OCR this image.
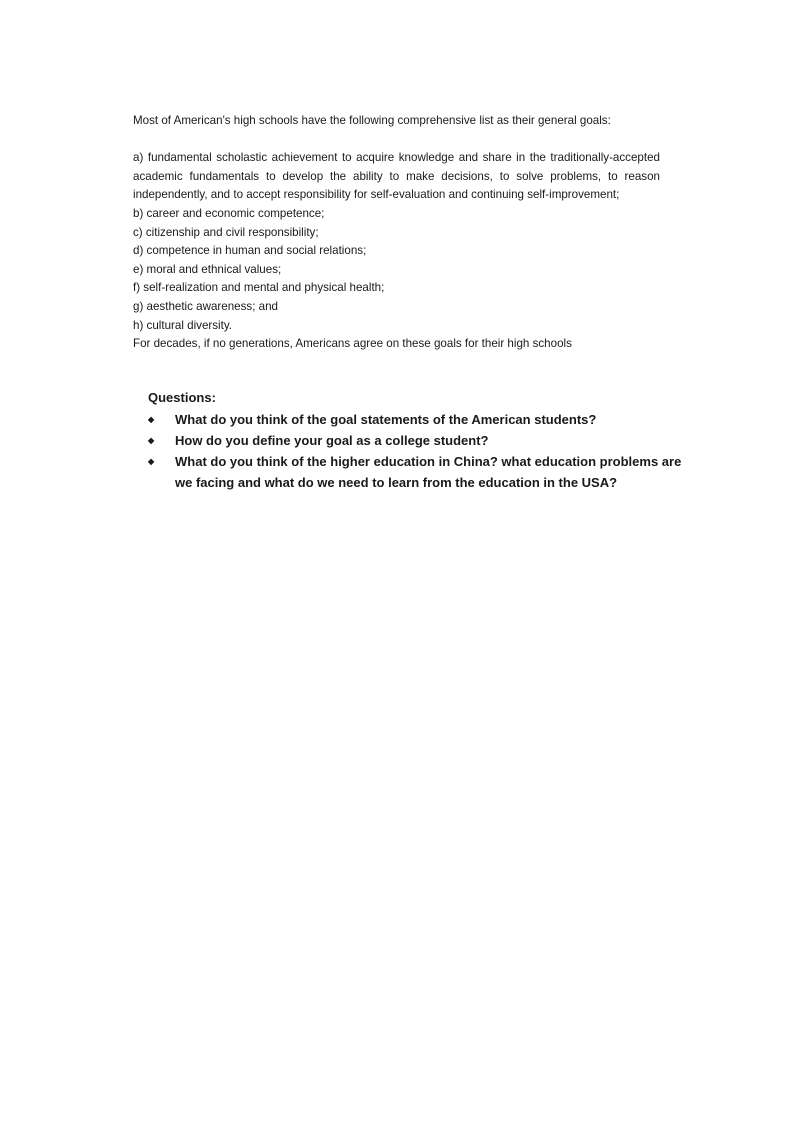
Most of American's high schools have the following comprehensive list as their general goals:

a) fundamental scholastic achievement to acquire knowledge and share in the traditionally-accepted academic fundamentals to develop the ability to make decisions, to solve problems, to reason independently, and to accept responsibility for self-evaluation and continuing self-improvement;

b) career and economic competence;
c) citizenship and civil responsibility;
d) competence in human and social relations;
e) moral and ethnical values;
f) self-realization and mental and physical health;
g) aesthetic awareness; and
h) cultural diversity.

For decades, if no generations, Americans agree on these goals for their high schools

Questions:
◆ What do you think of the goal statements of the American students?
◆ How do you define your goal as a college student?
◆ What do you think of the higher education in China? what education problems are we facing and what do we need to learn from the education in the USA?
